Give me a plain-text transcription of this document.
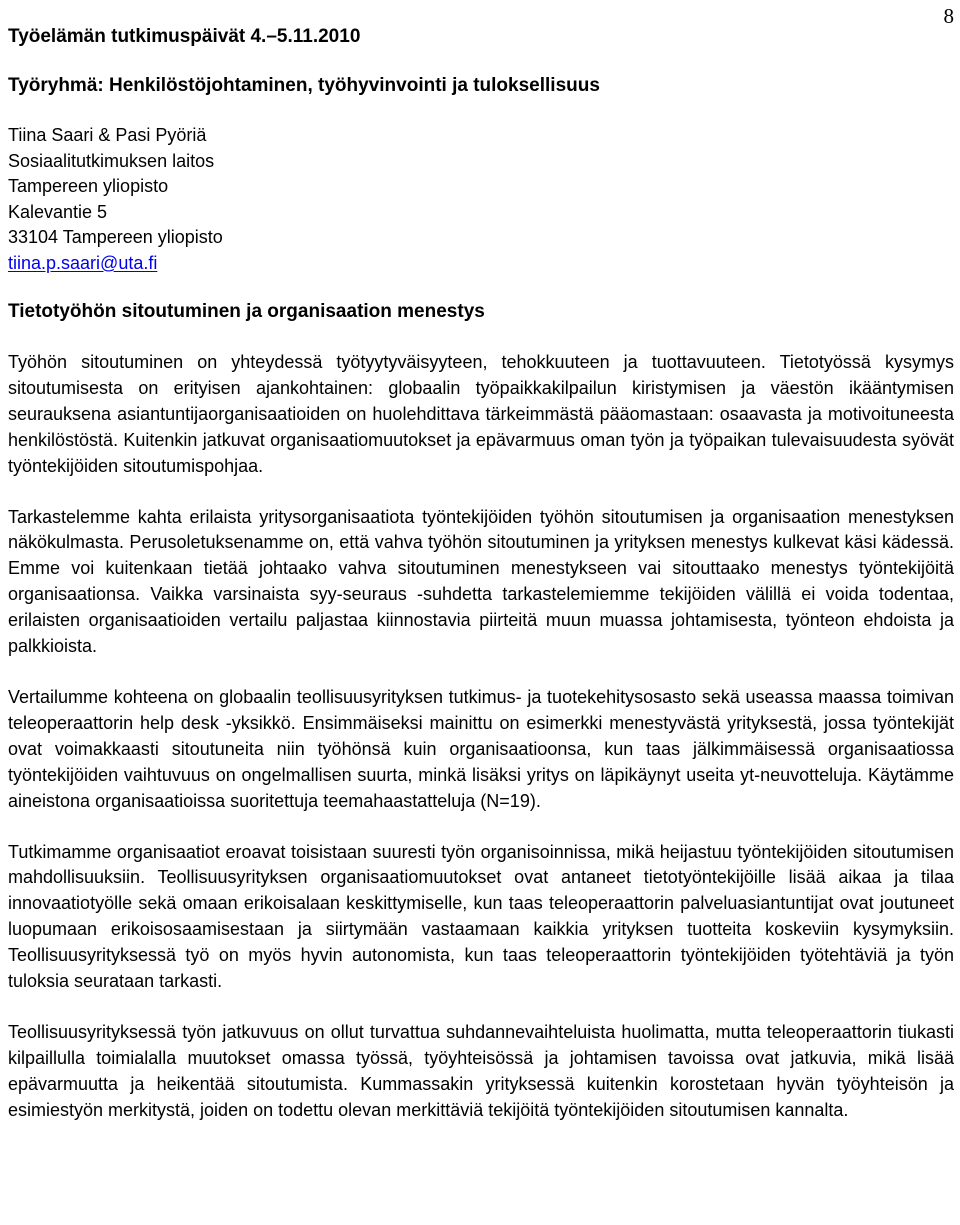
8
Työelämän tutkimuspäivät 4.–5.11.2010
Työryhmä: Henkilöstöjohtaminen, työhyvinvointi ja tuloksellisuus
Tiina Saari & Pasi Pyöriä
Sosiaalitutkimuksen laitos
Tampereen yliopisto
Kalevantie 5
33104 Tampereen yliopisto
tiina.p.saari@uta.fi
Tietotyöhön sitoutuminen ja organisaation menestys

Työhön sitoutuminen on yhteydessä työtyytyväisyyteen, tehokkuuteen ja tuottavuuteen. Tietotyössä kysymys sitoutumisesta on erityisen ajankohtainen: globaalin työpaikkakilpailun kiristymisen ja väestön ikääntymisen seurauksena asiantuntijaorganisaatioiden on huolehdittava tärkeimmästä pääomastaan: osaavasta ja motivoituneesta henkilöstöstä. Kuitenkin jatkuvat organisaatiomuutokset ja epävarmuus oman työn ja työpaikan tulevaisuudesta syövät työntekijöiden sitoutumispohjaa.

Tarkastelemme kahta erilaista yritysorganisaatiota työntekijöiden työhön sitoutumisen ja organisaation menestyksen näkökulmasta. Perusoletuksenamme on, että vahva työhön sitoutuminen ja yrityksen menestys kulkevat käsi kädessä. Emme voi kuitenkaan tietää johtaako vahva sitoutuminen menestykseen vai sitouttaako menestys työntekijöitä organisaationsa. Vaikka varsinaista syy-seuraus -suhdetta tarkastelemiemme tekijöiden välillä ei voida todentaa, erilaisten organisaatioiden vertailu paljastaa kiinnostavia piirteitä muun muassa johtamisesta, työnteon ehdoista ja palkkioista.

Vertailumme kohteena on globaalin teollisuusyrityksen tutkimus- ja tuotekehitysosasto sekä useassa maassa toimivan teleoperaattorin help desk -yksikkö. Ensimmäiseksi mainittu on esimerkki menestyvästä yrityksestä, jossa työntekijät ovat voimakkaasti sitoutuneita niin työhönsä kuin organisaatioonsa, kun taas jälkimmäisessä organisaatiossa työntekijöiden vaihtuvuus on ongelmallisen suurta, minkä lisäksi yritys on läpikäynyt useita yt-neuvotteluja. Käytämme aineistona organisaatioissa suoritettuja teemahaastatteluja (N=19).

Tutkimamme organisaatiot eroavat toisistaan suuresti työn organisoinnissa, mikä heijastuu työntekijöiden sitoutumisen mahdollisuuksiin. Teollisuusyrityksen organisaatiomuutokset ovat antaneet tietotyöntekijöille lisää aikaa ja tilaa innovaatiotyölle sekä omaan erikoisalaan keskittymiselle, kun taas teleoperaattorin palveluasiantuntijat ovat joutuneet luopumaan erikoisosaamisestaan ja siirtymään vastaamaan kaikkia yrityksen tuotteita koskeviin kysymyksiin. Teollisuusyrityksessä työ on myös hyvin autonomista, kun taas teleoperaattorin työntekijöiden työtehtäviä ja työn tuloksia seurataan tarkasti.

Teollisuusyrityksessä työn jatkuvuus on ollut turvattua suhdannevaihteluista huolimatta, mutta teleoperaattorin tiukasti kilpaillulla toimialalla muutokset omassa työssä, työyhteisössä ja johtamisen tavoissa ovat jatkuvia, mikä lisää epävarmuutta ja heikentää sitoutumista. Kummassakin yrityksessä kuitenkin korostetaan hyvän työyhteisön ja esimiestyön merkitystä, joiden on todettu olevan merkittäviä tekijöitä työntekijöiden sitoutumisen kannalta.
